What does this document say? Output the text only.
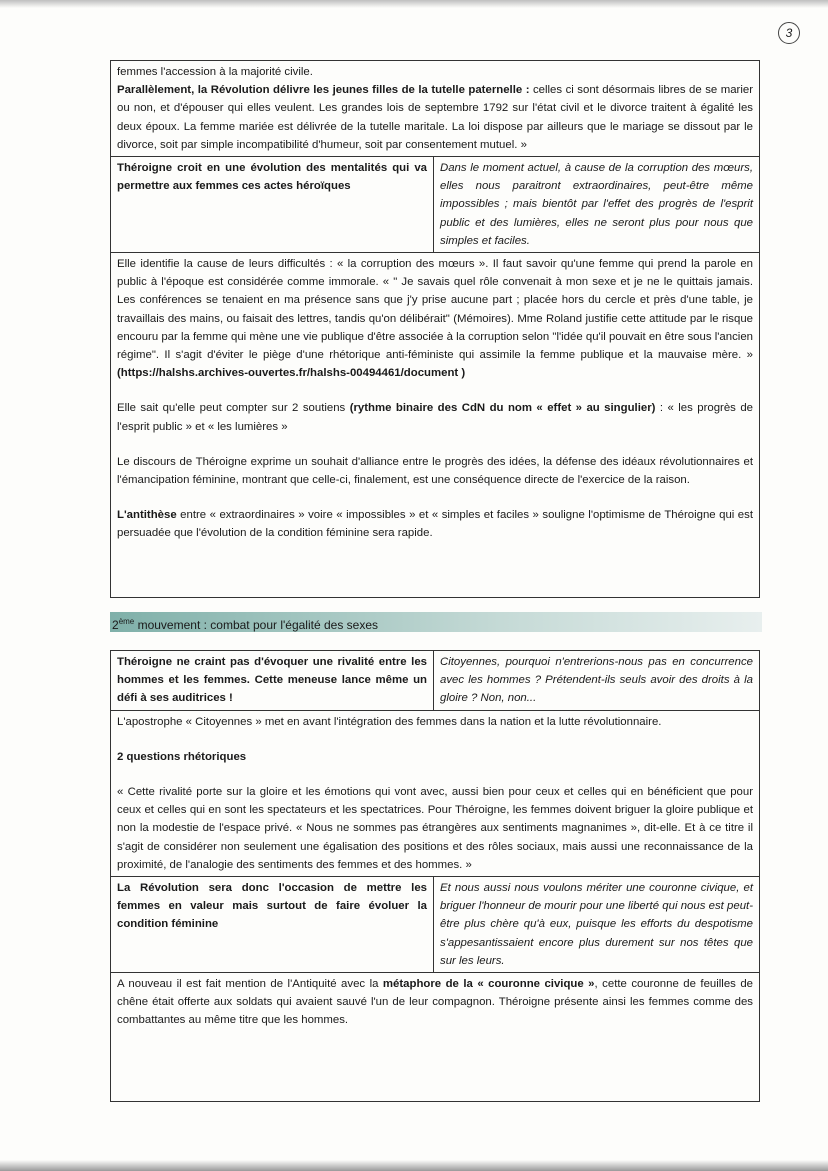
3

femmes l'accession à la majorité civile.

Parallèlement, la Révolution délivre les jeunes filles de la tutelle paternelle : celles ci sont désormais libres de se marier ou non, et d'épouser qui elles veulent. Les grandes lois de septembre 1792 sur l'état civil et le divorce traitent à égalité les deux époux. La femme mariée est délivrée de la tutelle maritale. La loi dispose par ailleurs que le mariage se dissout par le divorce, soit par simple incompatibilité d'humeur, soit par consentement mutuel. »

Théroigne croit en une évolution des mentalités qui va permettre aux femmes ces actes héroïques
Dans le moment actuel, à cause de la corruption des mœurs, elles nous paraitront extraordinaires, peut-être même impossibles ; mais bientôt par l'effet des progrès de l'esprit public et des lumières, elles ne seront plus pour nous que simples et faciles.

Elle identifie la cause de leurs difficultés : « la corruption des mœurs ». Il faut savoir qu'une femme qui prend la parole en public à l'époque est considérée comme immorale. « " Je savais quel rôle convenait à mon sexe et je ne le quittais jamais. Les conférences se tenaient en ma présence sans que j'y prise aucune part ; placée hors du cercle et près d'une table, je travaillais des mains, ou faisait des lettres, tandis qu'on délibérait" (Mémoires). Mme Roland justifie cette attitude par le risque encouru par la femme qui mène une vie publique d'être associée à la corruption selon "l'idée qu'il pouvait en être sous l'ancien régime". Il s'agit d'éviter le piège d'une rhétorique anti-féministe qui assimile la femme publique et la mauvaise mère. » (https://halshs.archives-ouvertes.fr/halshs-00494461/document )

Elle sait qu'elle peut compter sur 2 soutiens (rythme binaire des CdN du nom « effet » au singulier) : « les progrès de l'esprit public » et « les lumières »

Le discours de Théroigne exprime un souhait d'alliance entre le progrès des idées, la défense des idéaux révolutionnaires et l'émancipation féminine, montrant que celle-ci, finalement, est une conséquence directe de l'exercice de la raison.

L'antithèse entre « extraordinaires » voire « impossibles » et « simples et faciles » souligne l'optimisme de Théroigne qui est persuadée que l'évolution de la condition féminine sera rapide.

2ème mouvement : combat pour l'égalité des sexes
Théroigne ne craint pas d'évoquer une rivalité entre les hommes et les femmes. Cette meneuse lance même un défi à ses auditrices !
Citoyennes, pourquoi n'entrerions-nous pas en concurrence avec les hommes ? Prétendent-ils seuls avoir des droits à la gloire ? Non, non...

L'apostrophe « Citoyennes » met en avant l'intégration des femmes dans la nation et la lutte révolutionnaire.

2 questions rhétoriques

« Cette rivalité porte sur la gloire et les émotions qui vont avec, aussi bien pour ceux et celles qui en bénéficient que pour ceux et celles qui en sont les spectateurs et les spectatrices. Pour Théroigne, les femmes doivent briguer la gloire publique et non la modestie de l'espace privé. « Nous ne sommes pas étrangères aux sentiments magnanimes », dit-elle. Et à ce titre il s'agit de considérer non seulement une égalisation des positions et des rôles sociaux, mais aussi une reconnaissance de la proximité, de l'analogie des sentiments des femmes et des hommes. »

La Révolution sera donc l'occasion de mettre les femmes en valeur mais surtout de faire évoluer la condition féminine
Et nous aussi nous voulons mériter une couronne civique, et briguer l'honneur de mourir pour une liberté qui nous est peut-être plus chère qu'à eux, puisque les efforts du despotisme s'appesantissaient encore plus durement sur nos têtes que sur les leurs.

A nouveau il est fait mention de l'Antiquité avec la métaphore de la « couronne civique », cette couronne de feuilles de chêne était offerte aux soldats qui avaient sauvé l'un de leur compagnon. Théroigne présente ainsi les femmes comme des combattantes au même titre que les hommes.
